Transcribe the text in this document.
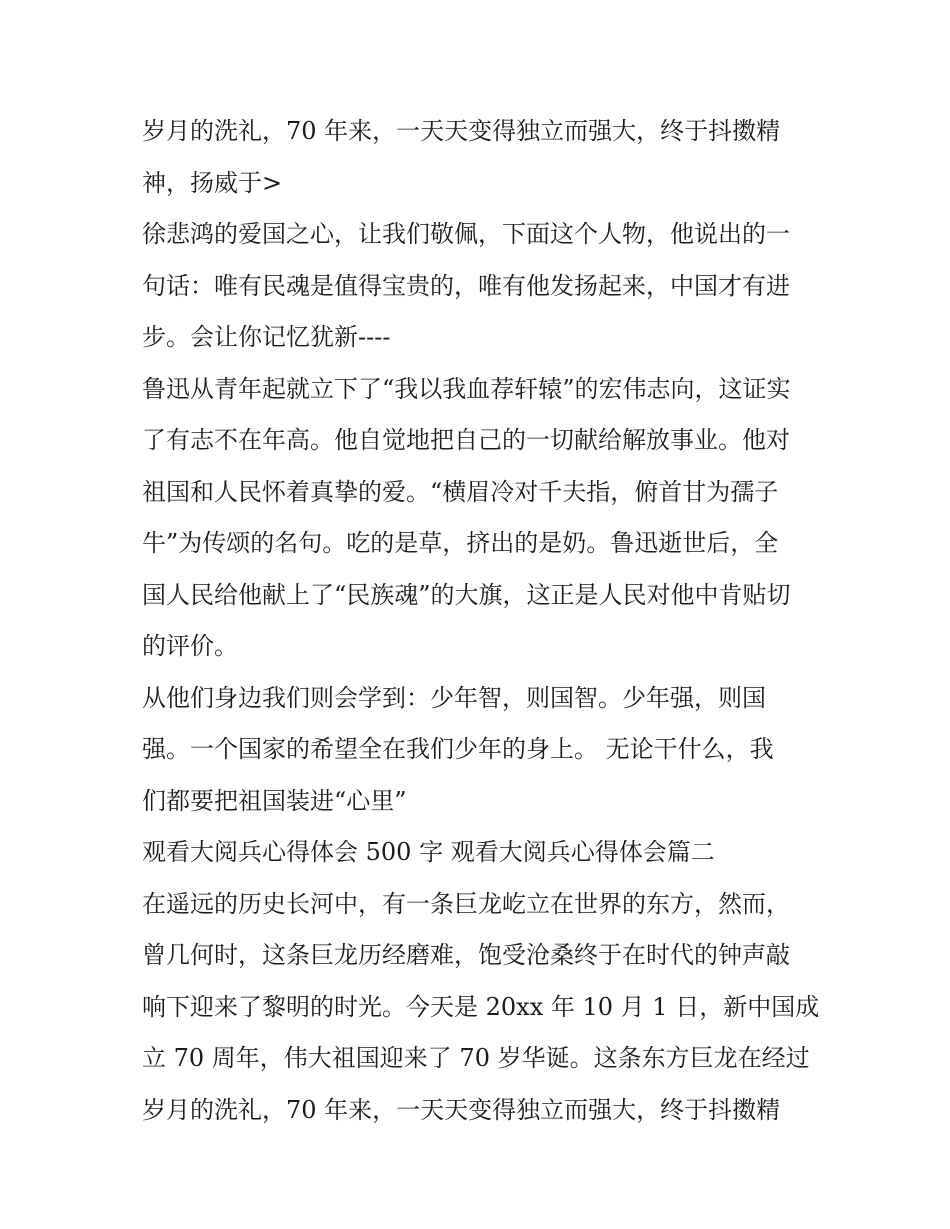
岁月的洗礼，70 年来，一天天变得独立而强大，终于抖擞精
神，扬威于>
徐悲鸿的爱国之心，让我们敬佩，下面这个人物，他说出的一
句话：唯有民魂是值得宝贵的，唯有他发扬起来，中国才有进
步。会让你记忆犹新----
鲁迅从青年起就立下了“我以我血荐轩辕”的宏伟志向，这证实
了有志不在年高。他自觉地把自己的一切献给解放事业。他对
祖国和人民怀着真挚的爱。“横眉冷对千夫指，俯首甘为孺子
牛”为传颂的名句。吃的是草，挤出的是奶。鲁迅逝世后，全
国人民给他献上了“民族魂”的大旗，这正是人民对他中肯贴切
的评价。
从他们身边我们则会学到：少年智，则国智。少年强，则国
强。一个国家的希望全在我们少年的身上。 无论干什么，我
们都要把祖国装进“心里”
观看大阅兵心得体会 500 字 观看大阅兵心得体会篇二
在遥远的历史长河中，有一条巨龙屹立在世界的东方，然而，
曾几何时，这条巨龙历经磨难，饱受沧桑终于在时代的钟声敲
响下迎来了黎明的时光。今天是 20xx 年 10 月 1 日，新中国成
立 70 周年，伟大祖国迎来了 70 岁华诞。这条东方巨龙在经过
岁月的洗礼，70 年来，一天天变得独立而强大，终于抖擞精
